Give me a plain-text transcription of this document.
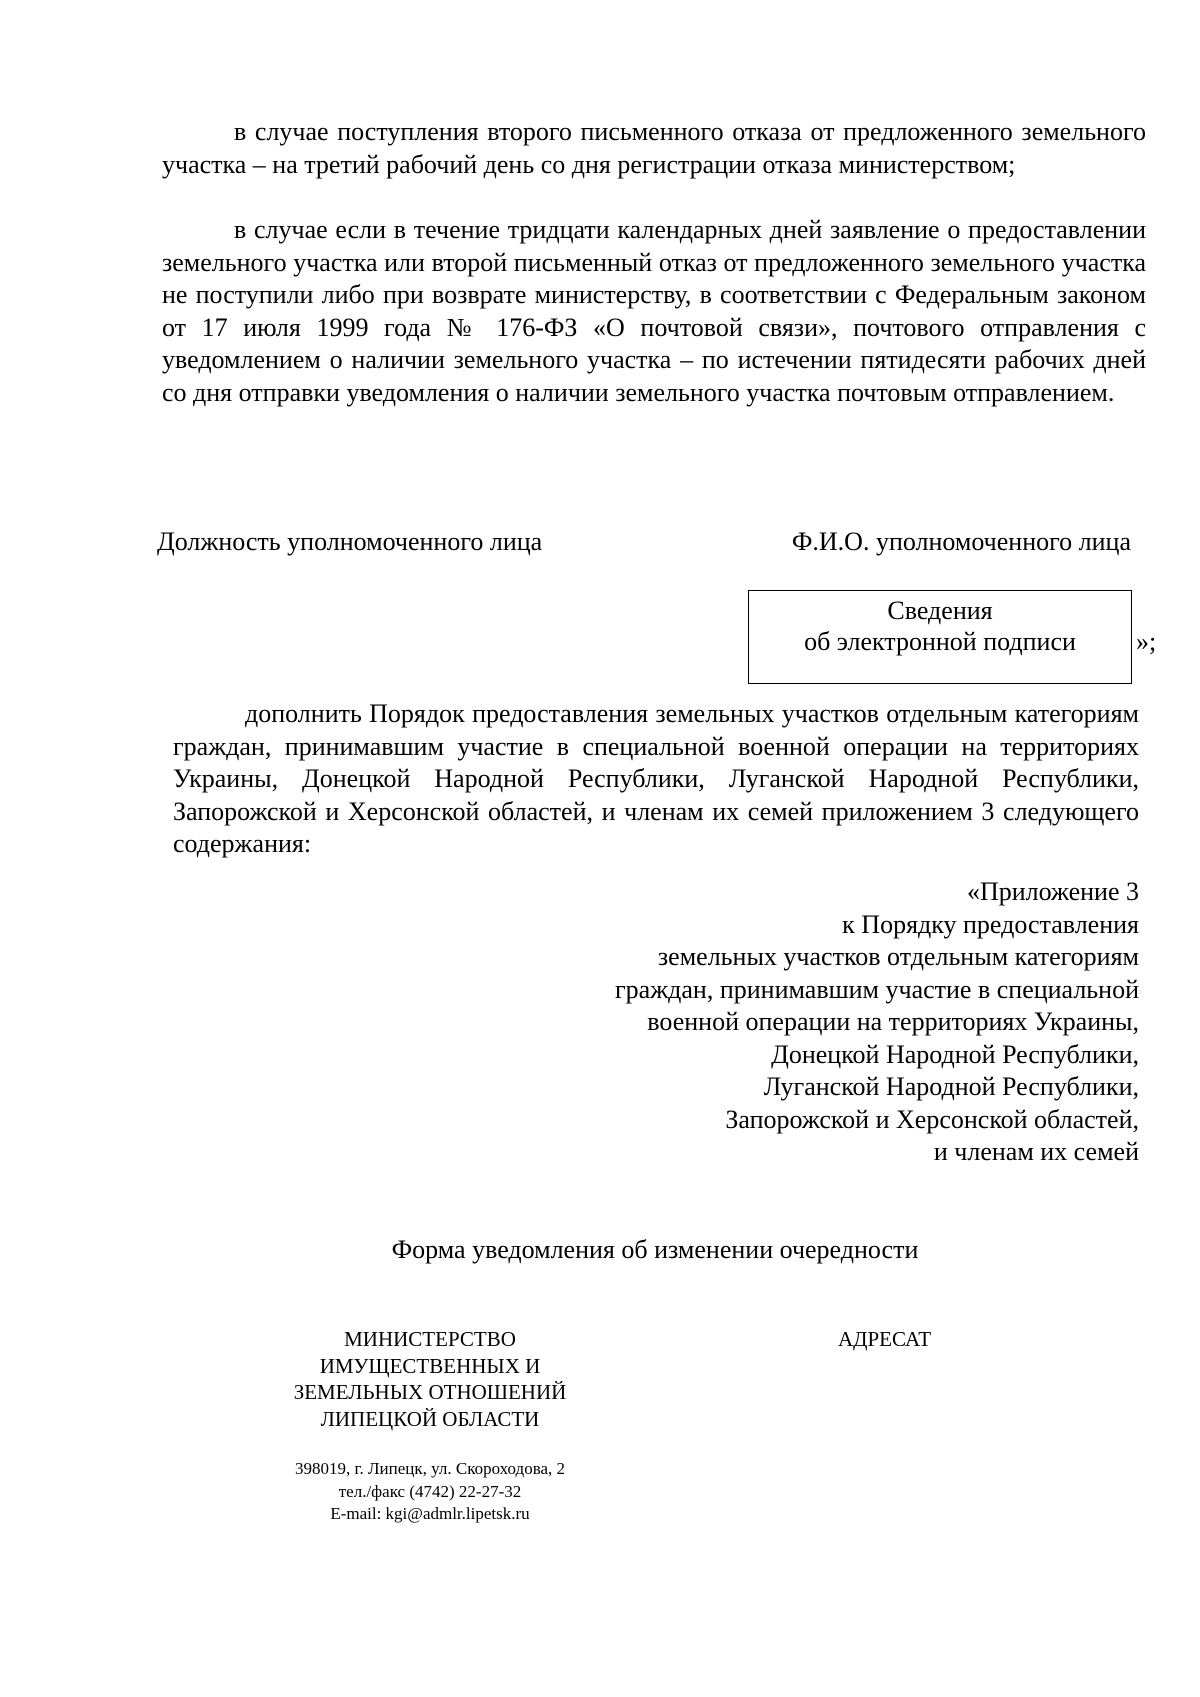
в случае поступления второго письменного отказа от предложенного земельного участка – на третий рабочий день со дня регистрации отказа министерством;

в случае если в течение тридцати календарных дней заявление о предоставлении земельного участка или второй письменный отказ от предложенного земельного участка не поступили либо при возврате министерству, в соответствии с Федеральным законом от 17 июля 1999 года № 176-ФЗ «О почтовой связи», почтового отправления с уведомлением о наличии земельного участка – по истечении пятидесяти рабочих дней со дня отправки уведомления о наличии земельного участка почтовым отправлением.

Должность уполномоченного лица	Ф.И.О. уполномоченного лица
Сведения
об электронной подписи	»;

дополнить Порядок предоставления земельных участков отдельным категориям граждан, принимавшим участие в специальной военной операции на территориях Украины, Донецкой Народной Республики, Луганской Народной Республики, Запорожской и Херсонской областей, и членам их семей приложением 3 следующего содержания:

«Приложение 3
к Порядку предоставления
земельных участков отдельным категориям
граждан, принимавшим участие в специальной
военной операции на территориях Украины,
Донецкой Народной Республики,
Луганской Народной Республики,
Запорожской и Херсонской областей,
и членам их семей
Форма уведомления об изменении очередности
МИНИСТЕРСТВО
ИМУЩЕСТВЕННЫХ И
ЗЕМЕЛЬНЫХ ОТНОШЕНИЙ
ЛИПЕЦКОЙ ОБЛАСТИ
АДРЕСАТ
398019, г. Липецк, ул. Скороходова, 2
тел./факс (4742) 22-27-32
E-mail: kgi@admlr.lipetsk.ru
